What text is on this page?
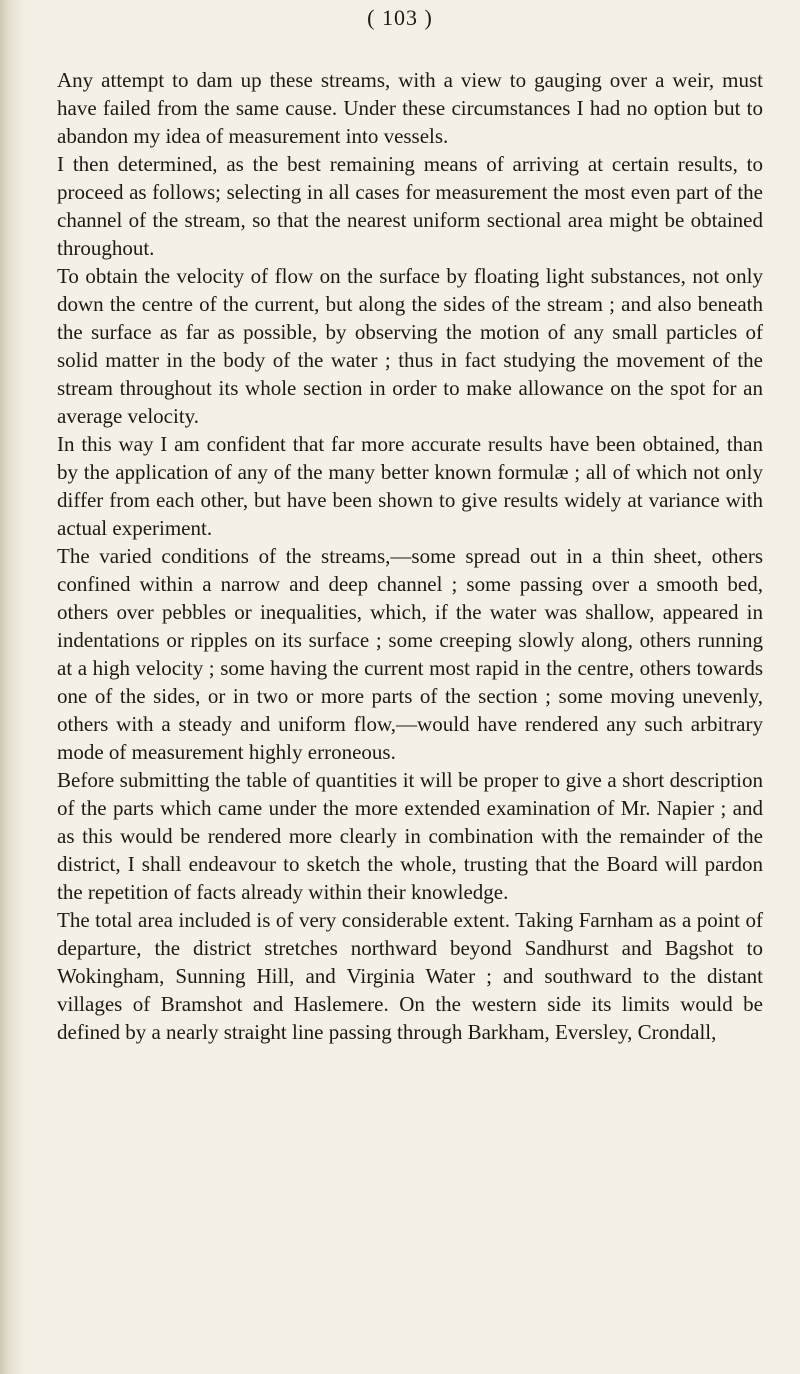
( 103 )

Any attempt to dam up these streams, with a view to gauging over a weir, must have failed from the same cause. Under these circumstances I had no option but to abandon my idea of measurement into vessels.

I then determined, as the best remaining means of arriving at certain results, to proceed as follows; selecting in all cases for measurement the most even part of the channel of the stream, so that the nearest uniform sectional area might be obtained throughout.

To obtain the velocity of flow on the surface by floating light substances, not only down the centre of the current, but along the sides of the stream ; and also beneath the surface as far as possible, by observing the motion of any small particles of solid matter in the body of the water ; thus in fact studying the movement of the stream throughout its whole section in order to make allowance on the spot for an average velocity.

In this way I am confident that far more accurate results have been obtained, than by the application of any of the many better known formulæ ; all of which not only differ from each other, but have been shown to give results widely at variance with actual experiment.

The varied conditions of the streams,—some spread out in a thin sheet, others confined within a narrow and deep channel ; some passing over a smooth bed, others over pebbles or inequalities, which, if the water was shallow, appeared in indentations or ripples on its surface ; some creeping slowly along, others running at a high velocity ; some having the current most rapid in the centre, others towards one of the sides, or in two or more parts of the section ; some moving unevenly, others with a steady and uniform flow,—would have rendered any such arbitrary mode of measurement highly erroneous.

Before submitting the table of quantities it will be proper to give a short description of the parts which came under the more extended examination of Mr. Napier ; and as this would be rendered more clearly in combination with the remainder of the district, I shall endeavour to sketch the whole, trusting that the Board will pardon the repetition of facts already within their knowledge.

The total area included is of very considerable extent. Taking Farnham as a point of departure, the district stretches northward beyond Sandhurst and Bagshot to Wokingham, Sunning Hill, and Virginia Water ; and southward to the distant villages of Bramshot and Haslemere. On the western side its limits would be defined by a nearly straight line passing through Barkham, Eversley, Crondall,
